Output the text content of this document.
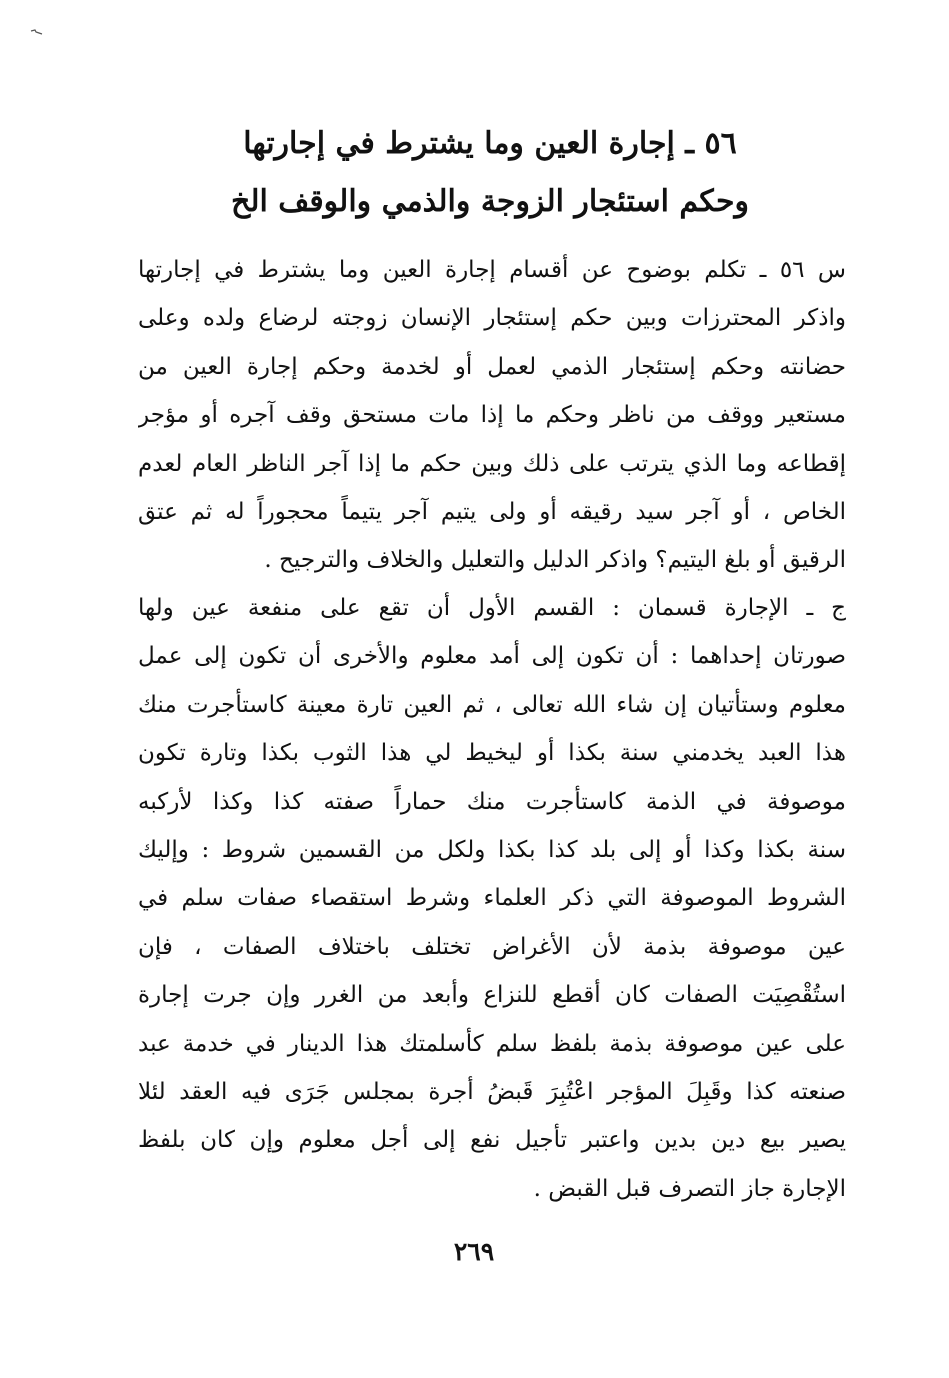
٥٦ ـ إجارة العين وما يشترط في إجارتها
وحكم استئجار الزوجة والذمي والوقف الخ
س ٥٦ ـ تكلم بوضوح عن أقسام إجارة العين وما يشترط في إجارتها
واذكر المحترزات وبين حكم إستئجار الإنسان زوجته لرضاع ولده وعلى
حضانته وحكم إستئجار الذمي لعمل أو لخدمة وحكم إجارة العين من
مستعير ووقف من ناظر وحكم ما إذا مات مستحق وقف آجره أو مؤجر
إقطاعه وما الذي يترتب على ذلك وبين حكم ما إذا آجر الناظر العام لعدم
الخاص ، أو آجر سيد رقيقه أو ولى يتيم آجر يتيماً محجوراً له ثم عتق
الرقيق أو بلغ اليتيم؟ واذكر الدليل والتعليل والخلاف والترجيح .
ج ـ الإجارة قسمان : القسم الأول أن تقع على منفعة عين ولها
صورتان إحداهما : أن تكون إلى أمد معلوم والأخرى أن تكون إلى عمل
معلوم وستأتيان إن شاء الله تعالى ، ثم العين تارة معينة كاستأجرت منك
هذا العبد يخدمني سنة بكذا أو ليخيط لي هذا الثوب بكذا وتارة تكون
موصوفة في الذمة كاستأجرت منك حماراً صفته كذا وكذا لأركبه
سنة بكذا وكذا أو إلى بلد كذا بكذا ولكل من القسمين شروط : وإليك
الشروط الموصوفة التي ذكر العلماء وشرط استقصاء صفات سلم في
عين موصوفة بذمة لأن الأغراض تختلف باختلاف الصفات ، فإن
استُقْصِيَت الصفات كان أقطع للنزاع وأبعد من الغرر وإن جرت إجارة
على عين موصوفة بذمة بلفظ سلم كأسلمتك هذا الدينار في خدمة عبد
صنعته كذا وقَبِلَ المؤجر اعْتُبِرَ قَبضُ أجرة بمجلس جَرَى فيه العقد لئلا
يصير بيع دين بدين واعتبر تأجيل نفع إلى أجل معلوم وإن كان بلفظ
الإجارة جاز التصرف قبل القبض .
٢٦٩
